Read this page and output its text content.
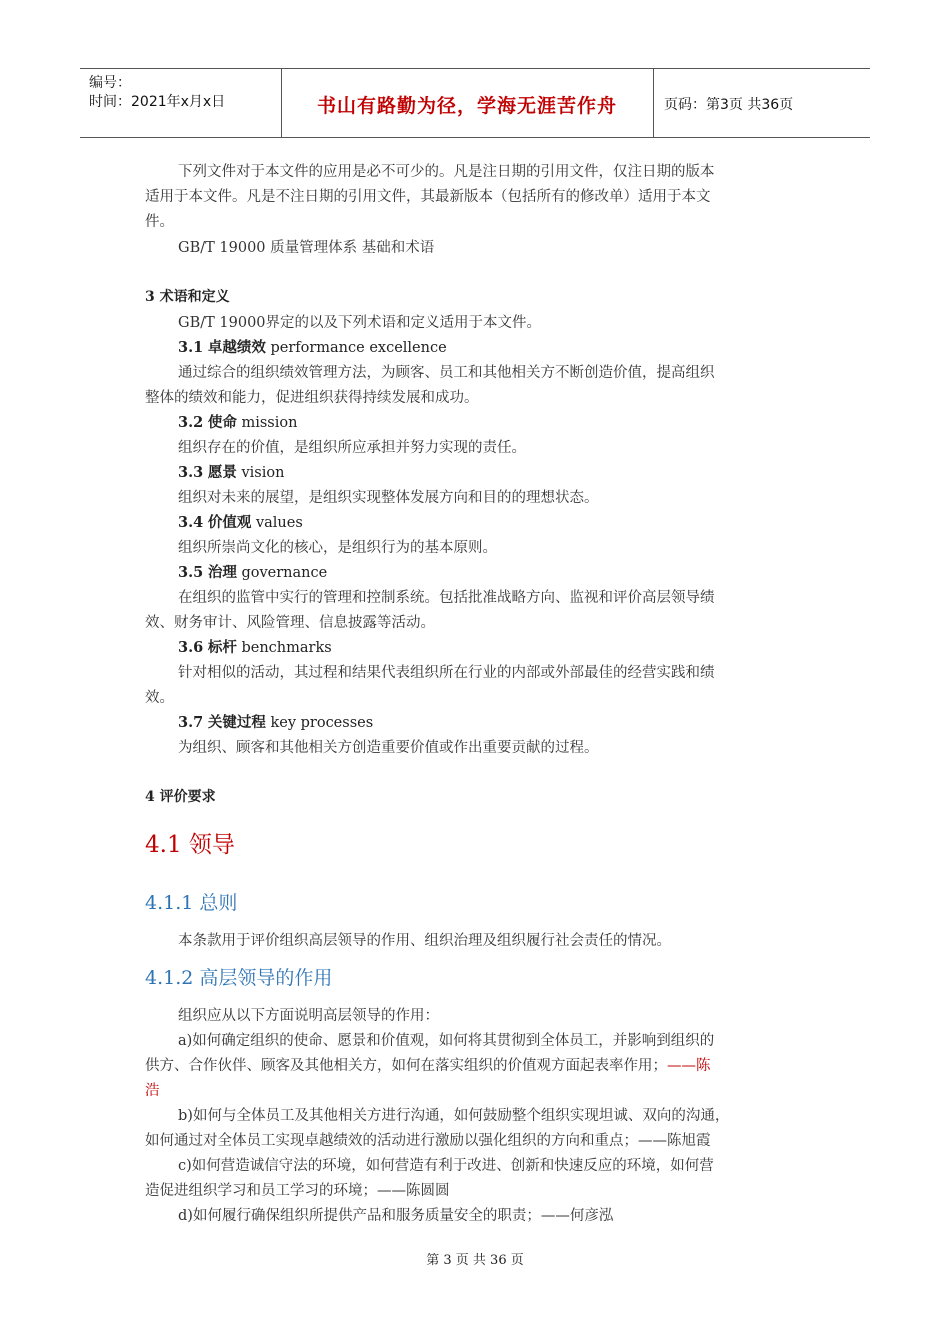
编号：
时间：2021年x月x日	书山有路勤为径，学海无涯苦作舟	页码：第3页 共36页
下列文件对于本文件的应用是必不可少的。凡是注日期的引用文件，仅注日期的版本
适用于本文件。凡是不注日期的引用文件，其最新版本（包括所有的修改单）适用于本文
件。
GB/T 19000 质量管理体系 基础和术语
3 术语和定义
GB/T 19000界定的以及下列术语和定义适用于本文件。
3.1 卓越绩效 performance excellence
通过综合的组织绩效管理方法，为顾客、员工和其他相关方不断创造价值，提高组织
整体的绩效和能力，促进组织获得持续发展和成功。
3.2 使命 mission
组织存在的价值，是组织所应承担并努力实现的责任。
3.3 愿景 vision
组织对未来的展望，是组织实现整体发展方向和目的的理想状态。
3.4 价值观 values
组织所崇尚文化的核心，是组织行为的基本原则。
3.5 治理 governance
在组织的监管中实行的管理和控制系统。包括批准战略方向、监视和评价高层领导绩
效、财务审计、风险管理、信息披露等活动。
3.6 标杆 benchmarks
针对相似的活动，其过程和结果代表组织所在行业的内部或外部最佳的经营实践和绩
效。
3.7 关键过程 key processes
为组织、顾客和其他相关方创造重要价值或作出重要贡献的过程。
4 评价要求
4.1 领导
4.1.1 总则
本条款用于评价组织高层领导的作用、组织治理及组织履行社会责任的情况。
4.1.2 高层领导的作用
组织应从以下方面说明高层领导的作用：
a)如何确定组织的使命、愿景和价值观，如何将其贯彻到全体员工，并影响到组织的
供方、合作伙伴、顾客及其他相关方，如何在落实组织的价值观方面起表率作用；——陈
浩
b)如何与全体员工及其他相关方进行沟通，如何鼓励整个组织实现坦诚、双向的沟通，
如何通过对全体员工实现卓越绩效的活动进行激励以强化组织的方向和重点；——陈旭霞
c)如何营造诚信守法的环境，如何营造有利于改进、创新和快速反应的环境，如何营
造促进组织学习和员工学习的环境；——陈圆圆
d)如何履行确保组织所提供产品和服务质量安全的职责；——何彦泓
第 3 页 共 36 页
